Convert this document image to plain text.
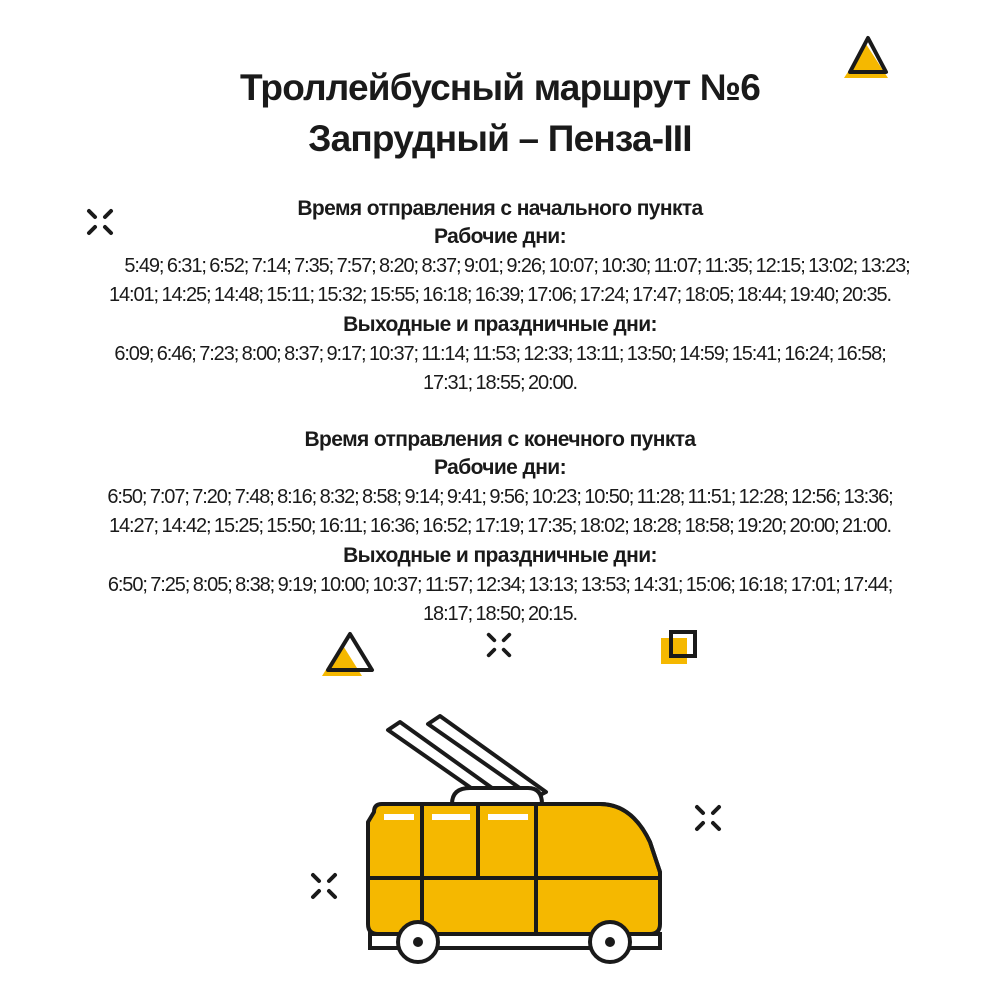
Троллейбусный маршрут №6
Запрудный – Пенза-III
Время отправления с начального пункта
Рабочие дни:
5:49; 6:31; 6:52; 7:14; 7:35; 7:57; 8:20; 8:37; 9:01; 9:26; 10:07; 10:30; 11:07; 11:35; 12:15; 13:02; 13:23;
14:01; 14:25; 14:48; 15:11; 15:32; 15:55; 16:18; 16:39; 17:06; 17:24; 17:47; 18:05; 18:44; 19:40; 20:35.
Выходные и праздничные дни:
6:09; 6:46; 7:23; 8:00; 8:37; 9:17; 10:37; 11:14; 11:53; 12:33; 13:11; 13:50; 14:59; 15:41; 16:24; 16:58;
17:31; 18:55; 20:00.
Время отправления с конечного пункта
Рабочие дни:
6:50; 7:07; 7:20; 7:48; 8:16; 8:32; 8:58; 9:14; 9:41; 9:56; 10:23; 10:50; 11:28; 11:51; 12:28; 12:56; 13:36;
14:27; 14:42; 15:25; 15:50; 16:11; 16:36; 16:52; 17:19; 17:35; 18:02; 18:28; 18:58; 19:20; 20:00; 21:00.
Выходные и праздничные дни:
6:50; 7:25; 8:05; 8:38; 9:19; 10:00; 10:37; 11:57; 12:34; 13:13; 13:53; 14:31; 15:06; 16:18; 17:01; 17:44;
18:17; 18:50; 20:15.
